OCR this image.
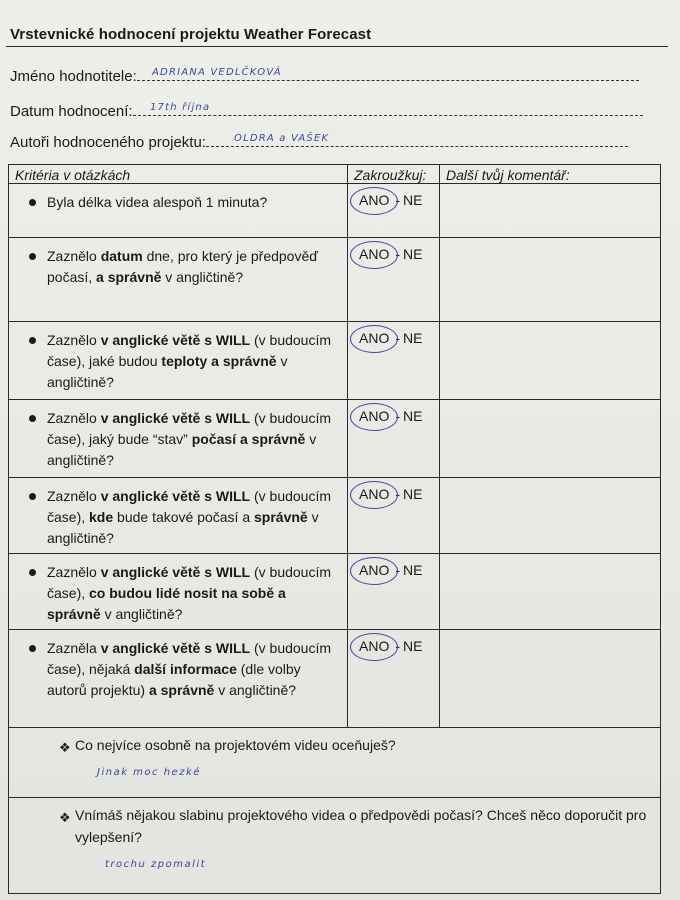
Vrstevnické hodnocení projektu Weather Forecast
Jméno hodnotitele:	ADRIANA VEDLČKOVÁ
Datum hodnocení:	17th října
Autoři hodnoceného projektu:	OLDRA a VAŠEK
Kritéria v otázkách	Zakroužkuj:	Další tvůj komentář:

Byla délka videa alespoň 1 minuta?	ANO - NE	

Zaznělo datum dne, pro který je předpověď počasí, a správně v angličtině?	ANO - NE	

Zaznělo v anglické větě s WILL (v budoucím čase), jaké budou teploty a správně v angličtině?	ANO - NE	

Zaznělo v anglické větě s WILL (v budoucím čase), jaký bude “stav” počasí a správně v angličtině?	ANO - NE	

Zaznělo v anglické větě s WILL (v budoucím čase), kde bude takové počasí a správně v angličtině?	ANO - NE	

Zaznělo v anglické větě s WILL (v budoucím čase), co budou lidé nosit na sobě a správně v angličtině?	ANO - NE	

Zazněla v anglické větě s WILL (v budoucím čase), nějaká další informace (dle volby autorů projektu) a správně v angličtině?	ANO - NE	

❖ Co nejvíce osobně na projektovém videu oceňuješ?
Jinak moc hezké		

❖ Vnímáš nějakou slabinu projektového videa o předpovědi počasí? Chceš něco doporučit pro vylepšení?
trochu zpomalit		
